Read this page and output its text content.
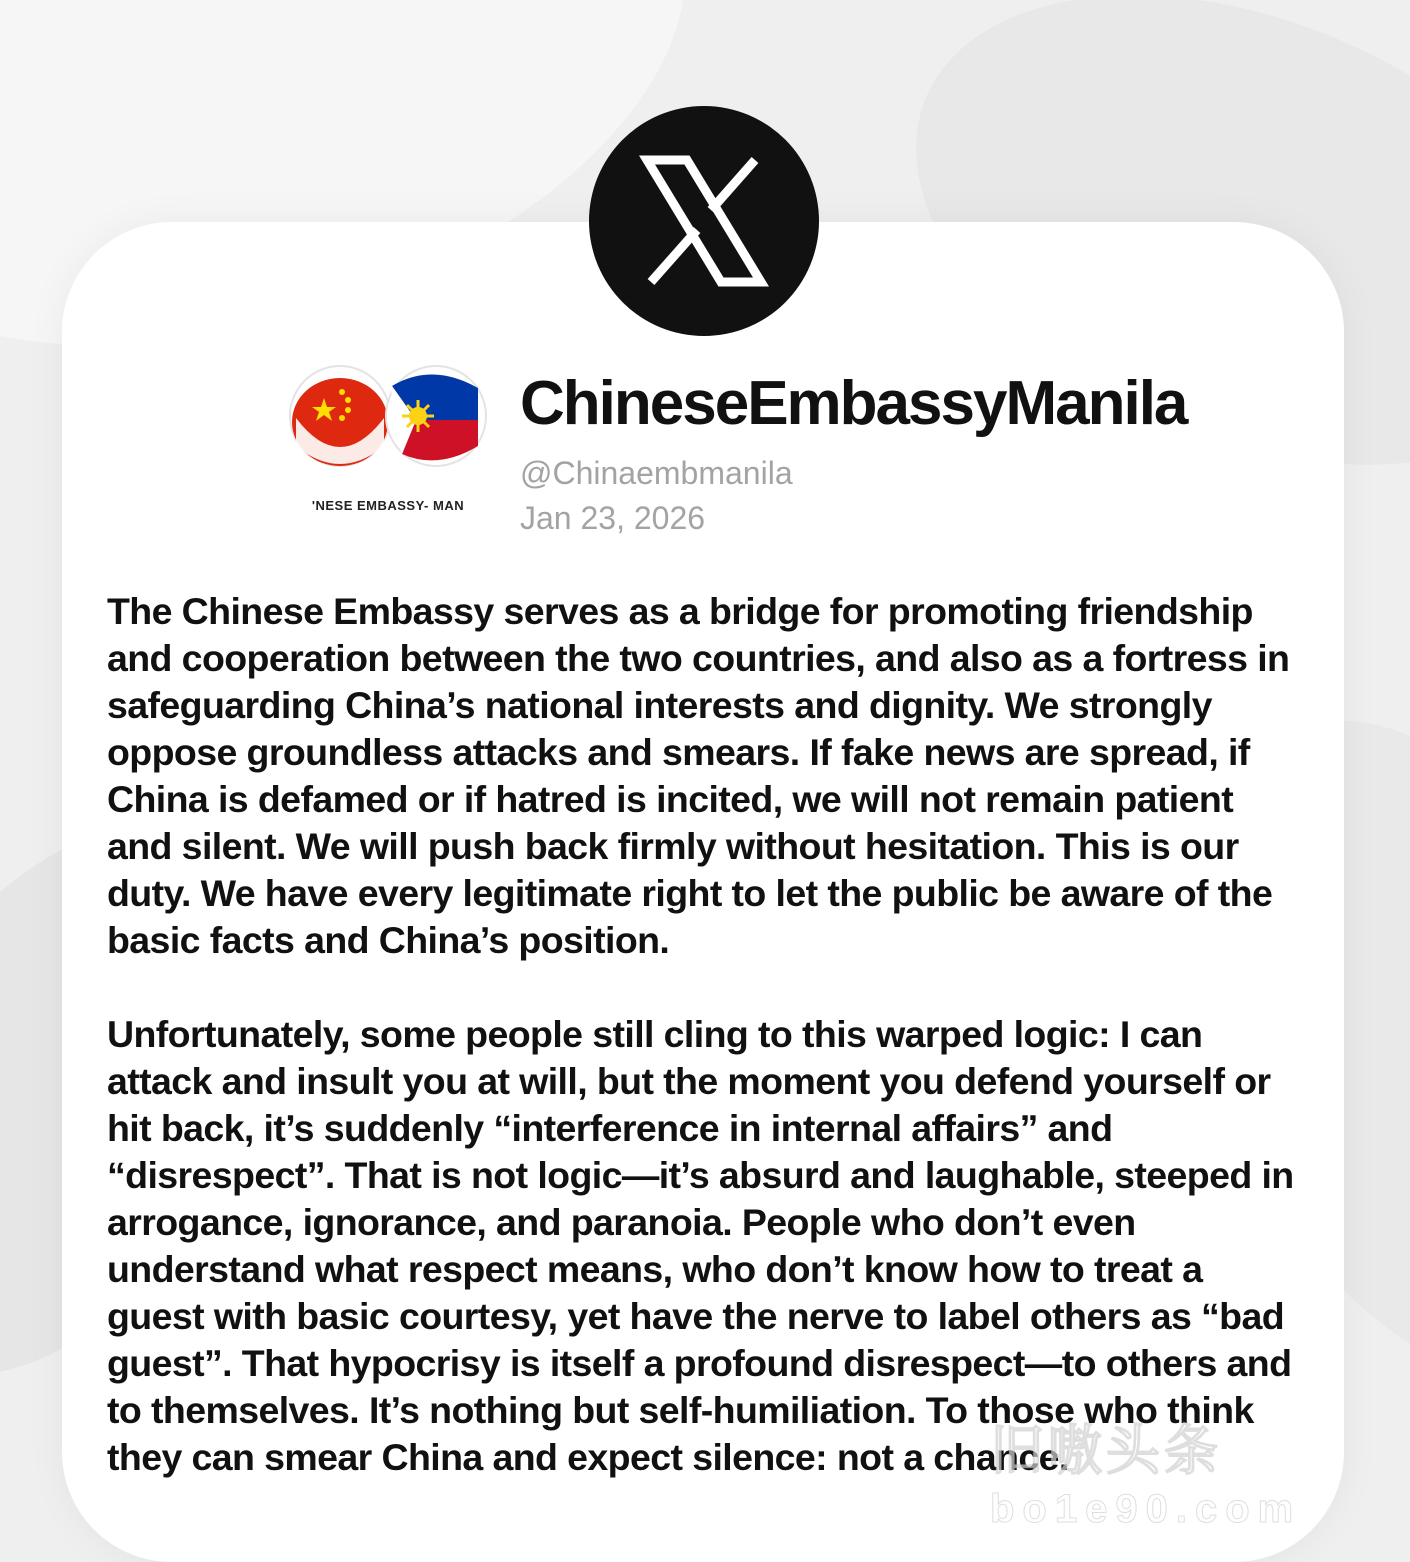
'NESE EMBASSY- MAN
ChineseEmbassyManila
@Chinaembmanila
Jan 23, 2026

The Chinese Embassy serves as a bridge for promoting friendship and cooperation between the two countries, and also as a fortress in safeguarding China’s national interests and dignity. We strongly oppose groundless attacks and smears. If fake news are spread, if China is defamed or if hatred is incited, we will not remain patient and silent. We will push back firmly without hesitation. This is our duty. We have every legitimate right to let the public be aware of the basic facts and China’s position.

Unfortunately, some people still cling to this warped logic: I can attack and insult you at will, but the moment you defend yourself or hit back, it’s suddenly “interference in internal affairs” and “disrespect”. That is not logic—it’s absurd and laughable, steeped in arrogance, ignorance, and paranoia. People who don’t even understand what respect means, who don’t know how to treat a guest with basic courtesy, yet have the nerve to label others as “bad guest”. That hypocrisy is itself a profound disrespect—to others and to themselves. It’s nothing but self-humiliation. To those who think they can smear China and expect silence: not a chance.

旧嗷头条
bo1e90.com
